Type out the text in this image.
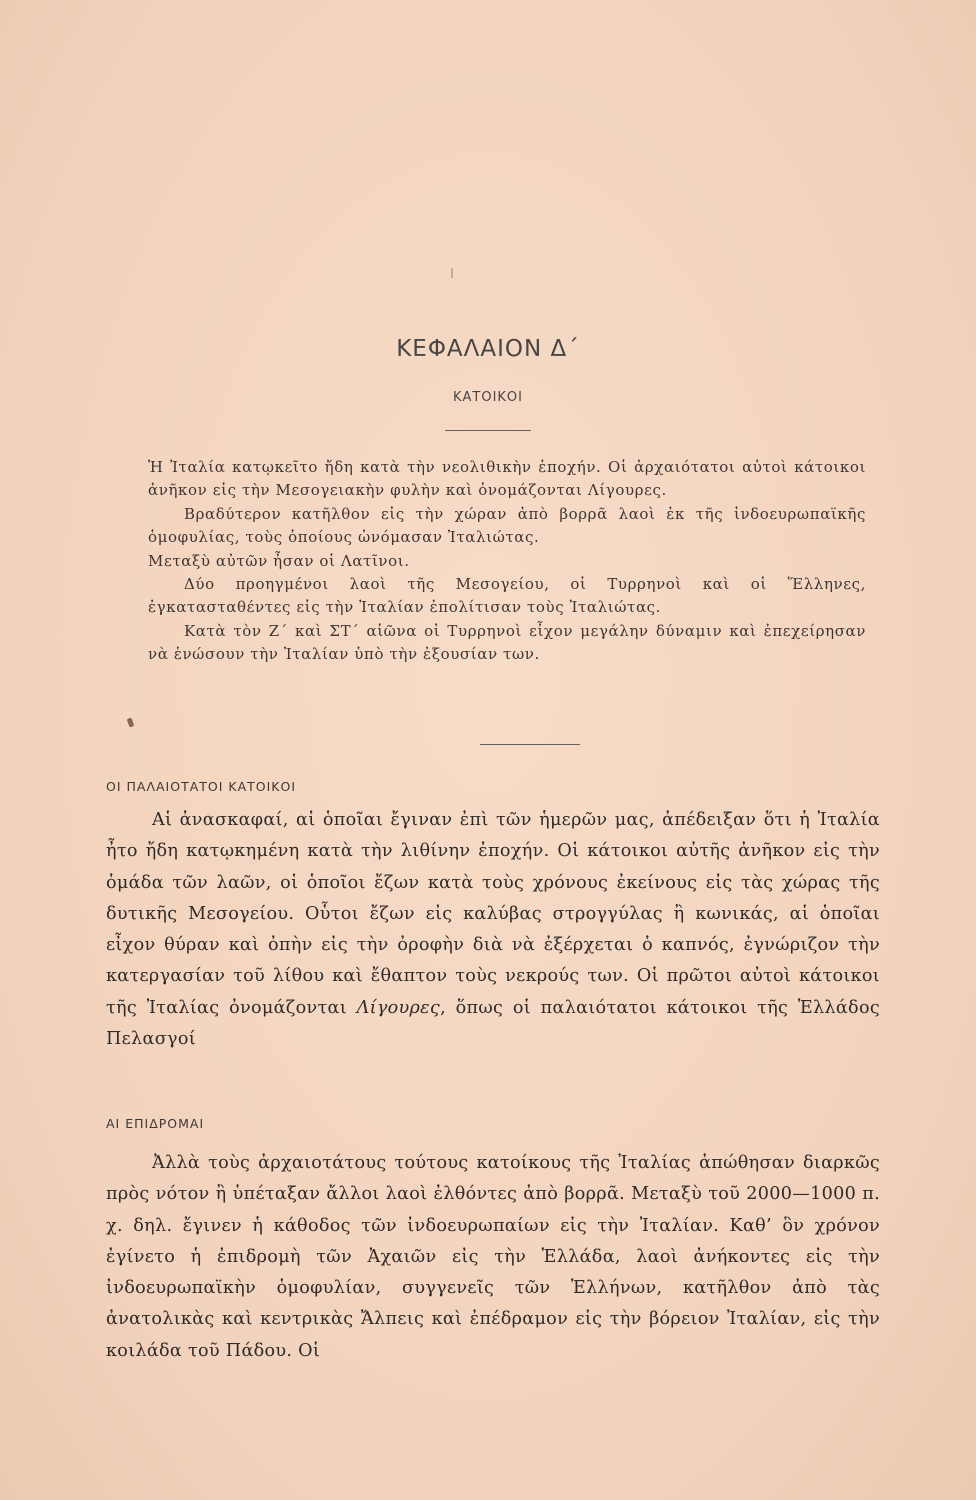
ΚΕΦΑΛΑΙΟΝ Δ΄
ΚΑΤΟΙΚΟΙ

Ἡ Ἰταλία κατῳκεῖτο ἤδη κατὰ τὴν νεολιθικὴν ἐποχήν. Οἱ ἀρχαιότατοι αὐτοὶ κάτοικοι ἀνῆκον εἰς τὴν Μεσογειακὴν φυλὴν καὶ ὀνομάζονται Λίγουρες.

Βραδύτερον κατῆλθον εἰς τὴν χώραν ἀπὸ βορρᾶ λαοὶ ἐκ τῆς ἰνδοευρωπαϊκῆς ὁμοφυλίας, τοὺς ὁποίους ὠνόμασαν Ἰταλιώτας.

Μεταξὺ αὐτῶν ἦσαν οἱ Λατῖνοι.

Δύο προηγμένοι λαοὶ τῆς Μεσογείου, οἱ Τυρρηνοὶ καὶ οἱ Ἕλληνες, ἐγκατασταθέντες εἰς τὴν Ἰταλίαν ἐπολίτισαν τοὺς Ἰταλιώτας.

Κατὰ τὸν Ζ΄ καὶ ΣΤ΄ αἰῶνα οἱ Τυρρηνοὶ εἶχον μεγάλην δύναμιν καὶ ἐπεχείρησαν νὰ ἑνώσουν τὴν Ἰταλίαν ὑπὸ τὴν ἐξουσίαν των.

ΟΙ ΠΑΛΑΙΟΤΑΤΟΙ ΚΑΤΟΙΚΟΙ

Αἱ ἀνασκαφαί, αἱ ὁποῖαι ἔγιναν ἐπὶ τῶν ἡμερῶν μας, ἀπέδειξαν ὅτι ἡ Ἰταλία ἦτο ἤδη κατῳκημένη κατὰ τὴν λιθίνην ἐποχήν. Οἱ κάτοικοι αὐτῆς ἀνῆκον εἰς τὴν ὁμάδα τῶν λαῶν, οἱ ὁποῖοι ἔζων κατὰ τοὺς χρόνους ἐκείνους εἰς τὰς χώρας τῆς δυτικῆς Μεσογείου. Οὗτοι ἔζων εἰς καλύβας στρογγύλας ἢ κωνικάς, αἱ ὁποῖαι εἶχον θύραν καὶ ὀπὴν εἰς τὴν ὀροφὴν διὰ νὰ ἐξέρχεται ὁ καπνός, ἐγνώριζον τὴν κατεργασίαν τοῦ λίθου καὶ ἔθαπτον τοὺς νεκρούς των. Οἱ πρῶτοι αὐτοὶ κάτοικοι τῆς Ἰταλίας ὀνομάζονται Λίγουρες, ὅπως οἱ παλαιότατοι κάτοικοι τῆς Ἑλλάδος Πελασγοί

ΑΙ ΕΠΙΔΡΟΜΑΙ

Ἀλλὰ τοὺς ἀρχαιοτάτους τούτους κατοίκους τῆς Ἰταλίας ἀπώθησαν διαρκῶς πρὸς νότον ἢ ὑπέταξαν ἄλλοι λαοὶ ἐλθόντες ἀπὸ βορρᾶ. Μεταξὺ τοῦ 2000—1000 π. χ. δηλ. ἔγινεν ἡ κάθοδος τῶν ἰνδοευρωπαίων εἰς τὴν Ἰταλίαν. Καθ’ ὃν χρόνον ἐγίνετο ἡ ἐπιδρομὴ τῶν Ἀχαιῶν εἰς τὴν Ἑλλάδα, λαοὶ ἀνήκοντες εἰς τὴν ἰνδοευρωπαϊκὴν ὁμοφυλίαν, συγγενεῖς τῶν Ἑλλήνων, κατῆλθον ἀπὸ τὰς ἀνατολικὰς καὶ κεντρικὰς Ἄλπεις καὶ ἐπέδραμον εἰς τὴν βόρειον Ἰταλίαν, εἰς τὴν κοιλάδα τοῦ Πάδου. Οἱ
